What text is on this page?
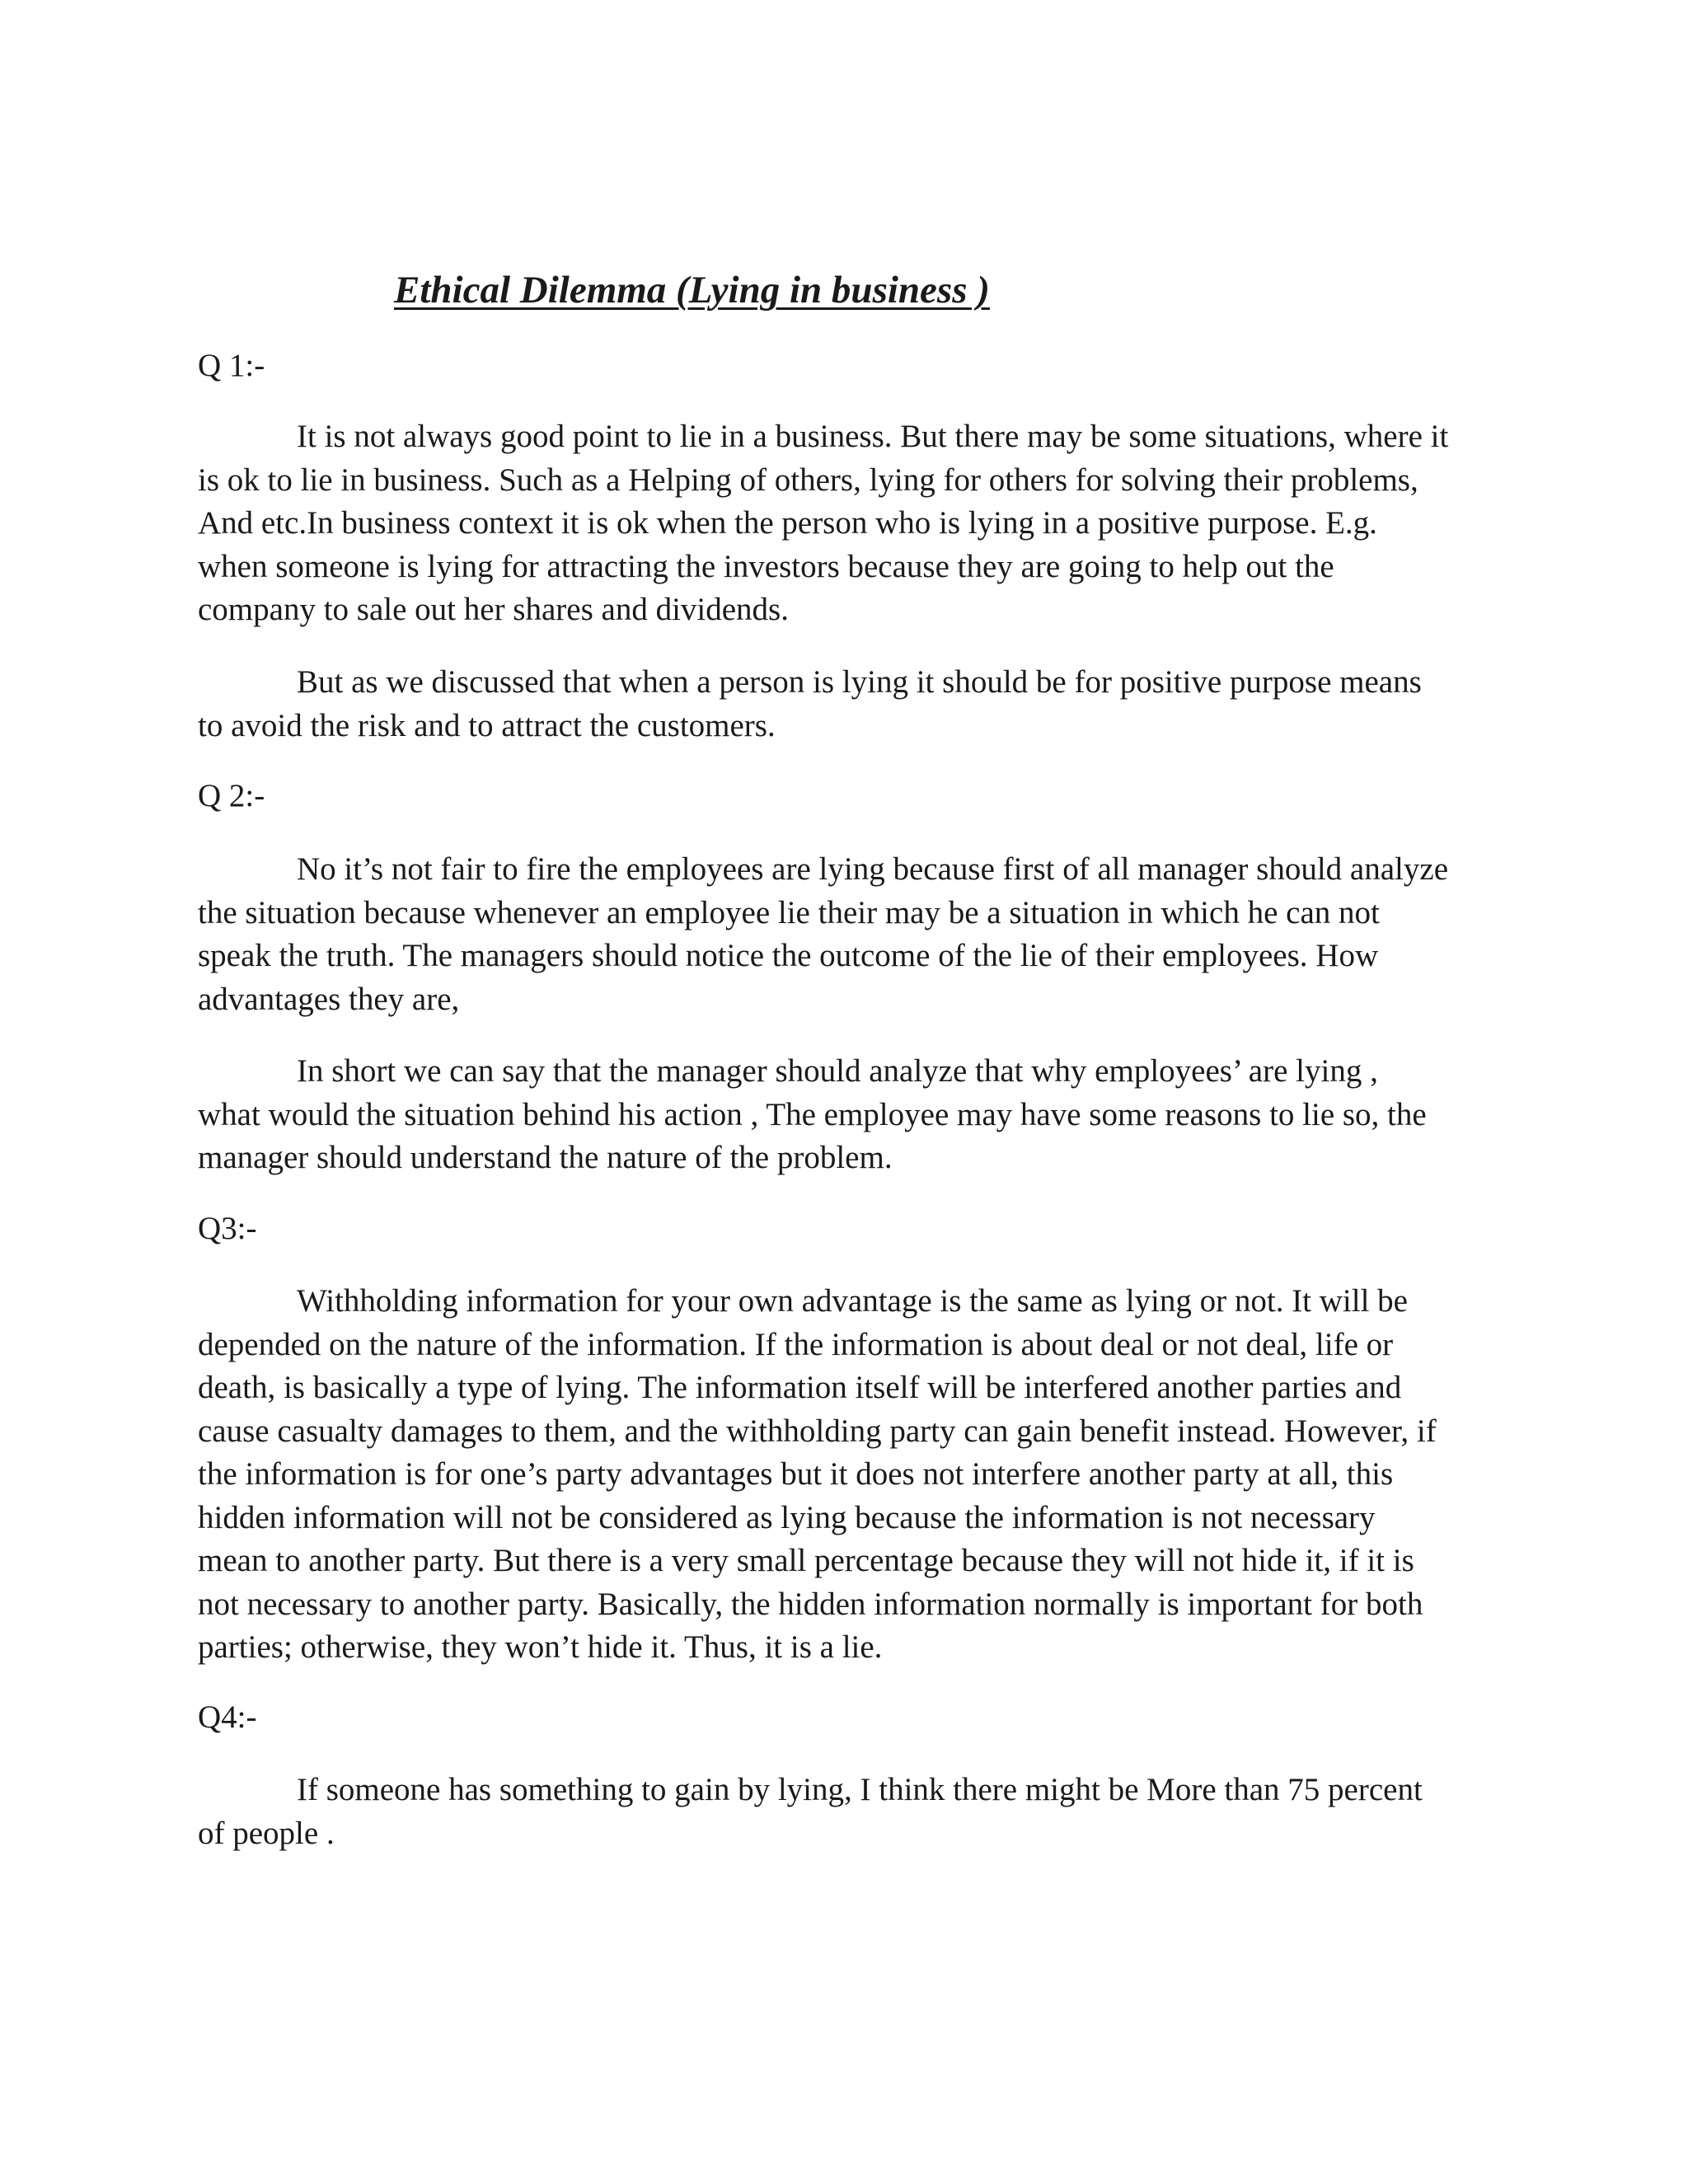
Ethical Dilemma (Lying in business )
Q 1:-
It is not always good point to lie in a business. But there may be some situations, where it
is ok to lie in business. Such as a Helping of others, lying for others for solving their problems,
And etc.In business context it is ok when the person who is lying in a positive purpose. E.g.
when someone is lying for attracting the investors because they are going to help out the
company to sale out her shares and dividends.
But as we discussed that when a person is lying it should be for positive purpose means
to avoid the risk and to attract the customers.
Q 2:-
No it’s not fair to fire the employees are lying because first of all manager should analyze
the situation because whenever an employee lie their may be a situation in which he can not
speak the truth. The managers should notice the outcome of the lie of their employees. How
advantages they are,
In short we can say that the manager should analyze that why employees’ are lying ,
what would the situation behind his action , The employee may have some reasons to lie so, the
manager should understand the nature of the problem.
Q3:-
Withholding information for your own advantage is the same as lying or not. It will be
depended on the nature of the information. If the information is about deal or not deal, life or
death, is basically a type of lying. The information itself will be interfered another parties and
cause casualty damages to them, and the withholding party can gain benefit instead. However, if
the information is for one’s party advantages but it does not interfere another party at all, this
hidden information will not be considered as lying because the information is not necessary
mean to another party. But there is a very small percentage because they will not hide it, if it is
not necessary to another party. Basically, the hidden information normally is important for both
parties; otherwise, they won’t hide it. Thus, it is a lie.
Q4:-
If someone has something to gain by lying, I think there might be More than 75 percent
of people .
